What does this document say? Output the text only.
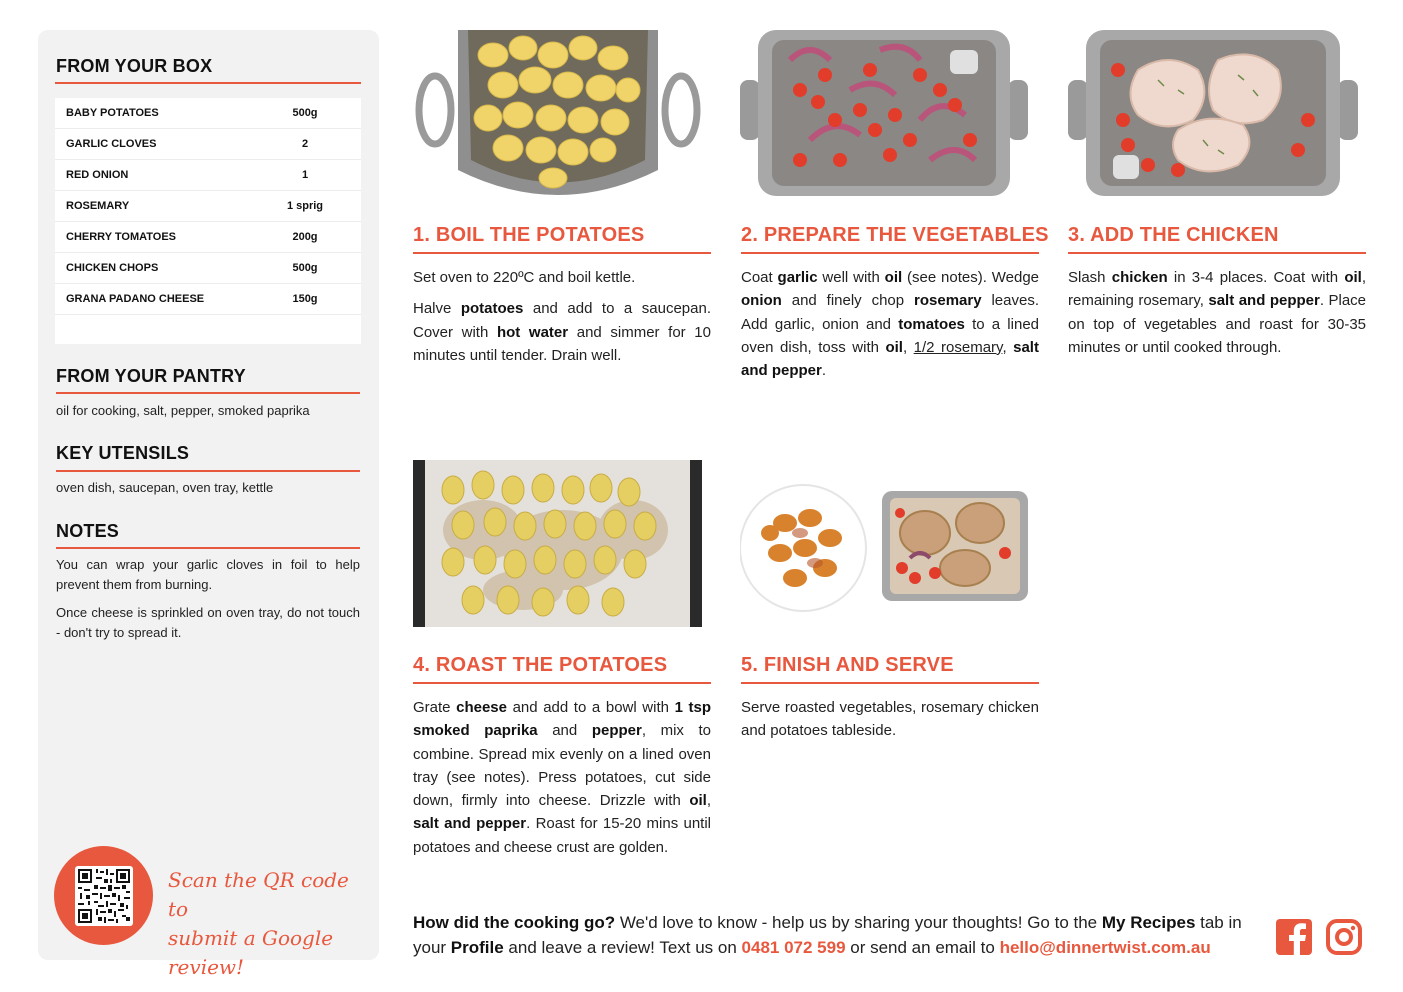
FROM YOUR BOX
BABY POTATOES	500g
GARLIC CLOVES	2
RED ONION	1
ROSEMARY	1 sprig
CHERRY TOMATOES	200g
CHICKEN CHOPS	500g
GRANA PADANO CHEESE	150g
FROM YOUR PANTRY
oil for cooking, salt, pepper, smoked paprika
KEY UTENSILS
oven dish, saucepan, oven tray, kettle
NOTES

You can wrap your garlic cloves in foil to help prevent them from burning.

Once cheese is sprinkled on oven tray, do not touch - don't try to spread it.

Scan the QR code to
submit a Google review!
1. BOIL THE POTATOES

Set oven to 220ºC and boil kettle.

Halve potatoes and add to a saucepan. Cover with hot water and simmer for 10 minutes until tender. Drain well.

2. PREPARE THE VEGETABLES

Coat garlic well with oil (see notes). Wedge onion and finely chop rosemary leaves. Add garlic, onion and tomatoes to a lined oven dish, toss with oil, 1/2 rosemary, salt and pepper.

3. ADD THE CHICKEN

Slash chicken in 3-4 places. Coat with oil, remaining rosemary, salt and pepper. Place on top of vegetables and roast for 30-35 minutes or until cooked through.

4. ROAST THE POTATOES

Grate cheese and add to a bowl with 1 tsp smoked paprika and pepper, mix to combine. Spread mix evenly on a lined oven tray (see notes). Press potatoes, cut side down, firmly into cheese. Drizzle with oil, salt and pepper. Roast for 15-20 mins until potatoes and cheese crust are golden.

5. FINISH AND SERVE

Serve roasted vegetables, rosemary chicken and potatoes tableside.

How did the cooking go? We'd love to know - help us by sharing your thoughts! Go to the My Recipes tab in your Profile and leave a review! Text us on 0481 072 599 or send an email to hello@dinnertwist.com.au
